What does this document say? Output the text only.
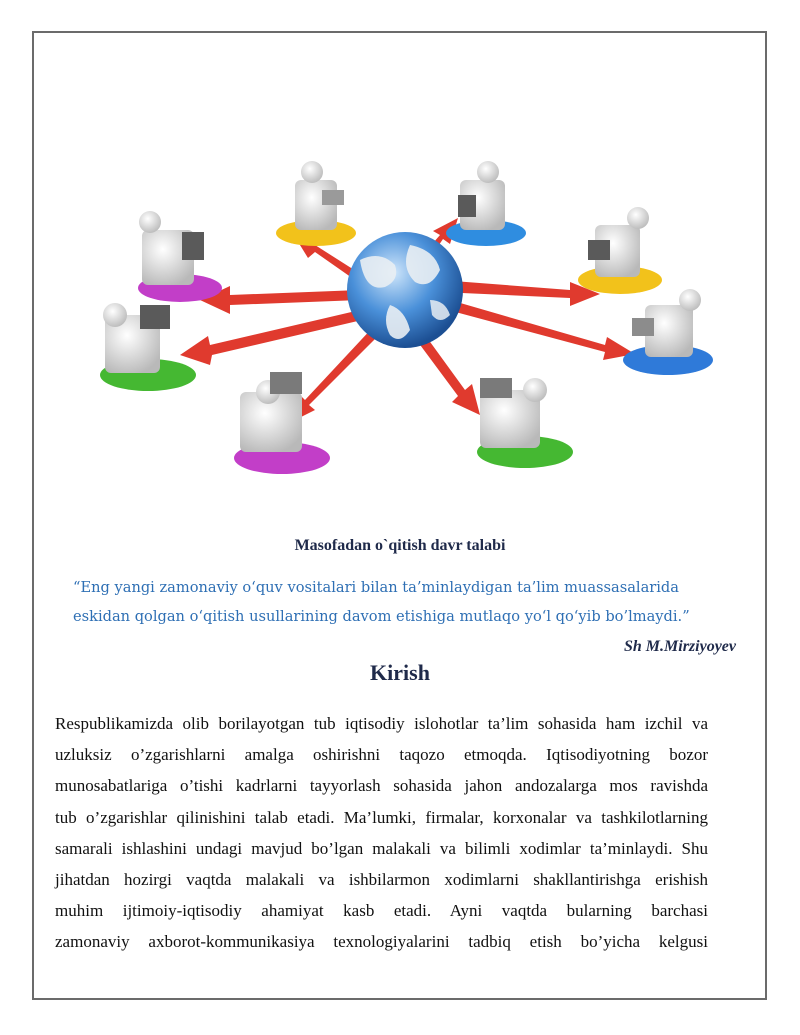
Masofadan o`qitish davr talabi
“Eng yangi zamonaviy o‘quv vositalari bilan ta’minlaydigan ta’lim muassasalarida
eskidan qolgan o‘qitish usullarining davom etishiga mutlaqo yo‘l qo‘yib bo’lmaydi.”
Sh M.Mirziyoyev
Kirish
Respublikamizda olib borilayotgan tub iqtisodiy islohotlar ta’lim sohasida ham izchil va
uzluksiz o’zgarishlarni amalga oshirishni taqozo etmoqda. Iqtisodiyotning bozor
munosabatlariga o’tishi kadrlarni tayyorlash sohasida jahon andozalarga mos ravishda
tub o’zgarishlar qilinishini talab etadi. Ma’lumki, firmalar, korxonalar va tashkilotlarning
samarali ishlashini undagi mavjud bo’lgan malakali va bilimli xodimlar ta’minlaydi. Shu
jihatdan hozirgi vaqtda malakali va ishbilarmon xodimlarni shakllantirishga erishish
muhim ijtimoiy-iqtisodiy ahamiyat kasb etadi. Ayni vaqtda bularning barchasi
zamonaviy axborot-kommunikasiya texnologiyalarini tadbiq etish bo’yicha kelgusi
